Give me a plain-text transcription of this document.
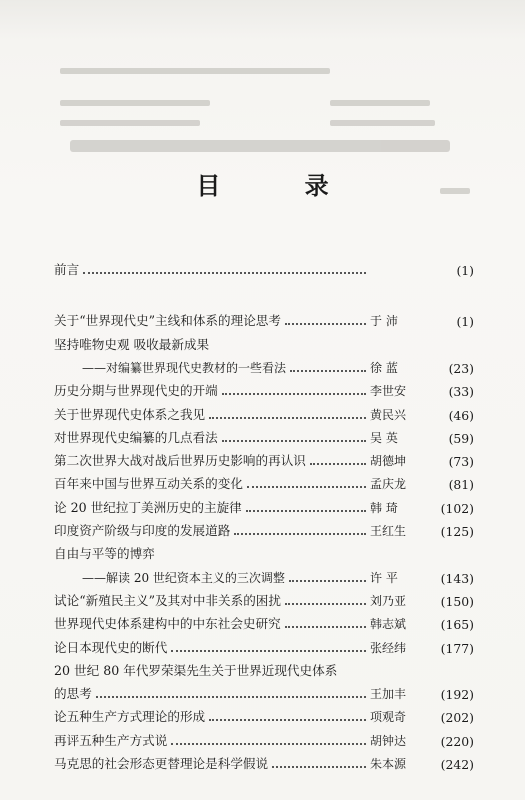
目 录
前言	(1)
关于“世界现代史”主线和体系的理论思考	于 沛	(1)
坚持唯物史观 吸收最新成果
——对编纂世界现代史教材的一些看法	徐 蓝	(23)
历史分期与世界现代史的开端	李世安	(33)
关于世界现代史体系之我见	黄民兴	(46)
对世界现代史编纂的几点看法	吴 英	(59)
第二次世界大战对战后世界历史影响的再认识	胡德坤	(73)
百年来中国与世界互动关系的变化	孟庆龙	(81)
论 20 世纪拉丁美洲历史的主旋律	韩 琦	(102)
印度资产阶级与印度的发展道路	王红生	(125)
自由与平等的博弈
——解读 20 世纪资本主义的三次调整	许 平	(143)
试论“新殖民主义”及其对中非关系的困扰	刘乃亚	(150)
世界现代史体系建构中的中东社会史研究	韩志斌	(165)
论日本现代史的断代	张经纬	(177)
20 世纪 80 年代罗荣渠先生关于世界近现代史体系
的思考	王加丰	(192)
论五种生产方式理论的形成	项观奇	(202)
再评五种生产方式说	胡钟达	(220)
马克思的社会形态更替理论是科学假说	朱本源	(242)
